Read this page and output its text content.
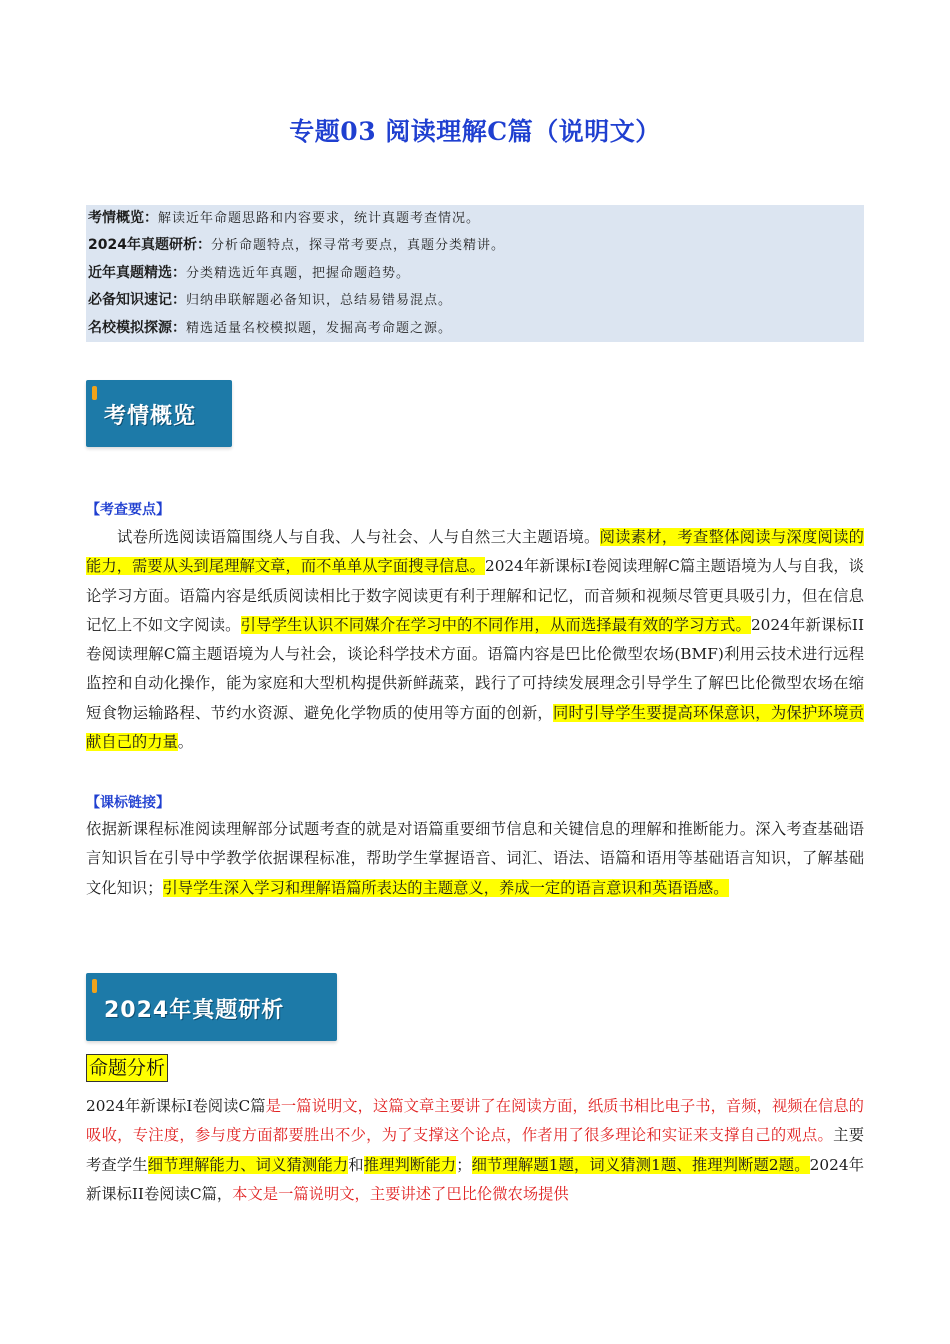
专题03 阅读理解C篇（说明文）
考情概览：解读近年命题思路和内容要求，统计真题考查情况。
2024年真题研析：分析命题特点，探寻常考要点，真题分类精讲。
近年真题精选：分类精选近年真题，把握命题趋势。
必备知识速记：归纳串联解题必备知识，总结易错易混点。
名校模拟探源：精选适量名校模拟题，发掘高考命题之源。
考情概览
【考查要点】
试卷所选阅读语篇围绕人与自我、人与社会、人与自然三大主题语境。阅读素材，考查整体阅读与深度阅读的能力，需要从头到尾理解文章，而不单单从字面搜寻信息。2024年新课标I卷阅读理解C篇主题语境为人与自我，谈论学习方面。语篇内容是纸质阅读相比于数字阅读更有利于理解和记忆，而音频和视频尽管更具吸引力，但在信息记忆上不如文字阅读。引导学生认识不同媒介在学习中的不同作用，从而选择最有效的学习方式。2024年新课标II卷阅读理解C篇主题语境为人与社会，谈论科学技术方面。语篇内容是巴比伦微型农场(BMF)利用云技术进行远程监控和自动化操作，能为家庭和大型机构提供新鲜蔬菜，践行了可持续发展理念引导学生了解巴比伦微型农场在缩短食物运输路程、节约水资源、避免化学物质的使用等方面的创新，同时引导学生要提高环保意识，为保护环境贡献自己的力量。
【课标链接】
依据新课程标准阅读理解部分试题考查的就是对语篇重要细节信息和关键信息的理解和推断能力。深入考查基础语言知识旨在引导中学教学依据课程标准，帮助学生掌握语音、词汇、语法、语篇和语用等基础语言知识，了解基础文化知识；引导学生深入学习和理解语篇所表达的主题意义，养成一定的语言意识和英语语感。
2024年真题研析
命题分析
2024年新课标I卷阅读C篇是一篇说明文，这篇文章主要讲了在阅读方面，纸质书相比电子书，音频，视频在信息的吸收，专注度，参与度方面都要胜出不少，为了支撑这个论点，作者用了很多理论和实证来支撑自己的观点。主要考查学生细节理解能力、词义猜测能力和推理判断能力；细节理解题1题，词义猜测1题、推理判断题2题。2024年新课标II卷阅读C篇，本文是一篇说明文，主要讲述了巴比伦微农场提供
